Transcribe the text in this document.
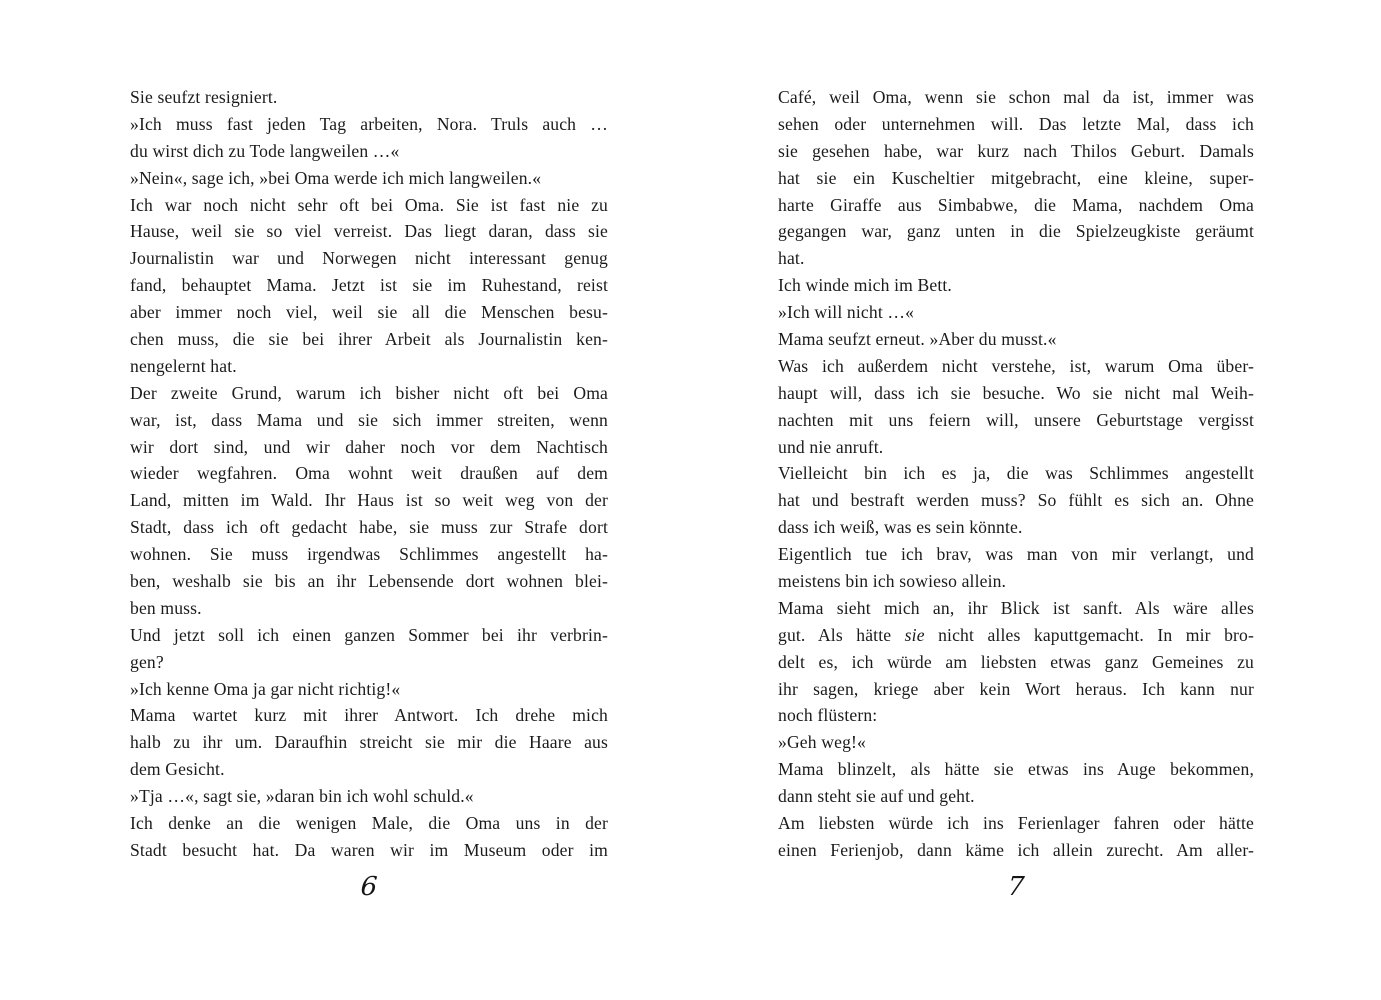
Sie seufzt resigniert.
»Ich muss fast jeden Tag arbeiten, Nora. Truls auch …
du wirst dich zu Tode langweilen …«
»Nein«, sage ich, »bei Oma werde ich mich langweilen.«
Ich war noch nicht sehr oft bei Oma. Sie ist fast nie zu
Hause, weil sie so viel verreist. Das liegt daran, dass sie
Journalistin war und Norwegen nicht interessant genug
fand, behauptet Mama. Jetzt ist sie im Ruhestand, reist
aber immer noch viel, weil sie all die Menschen besu-
chen muss, die sie bei ihrer Arbeit als Journalistin ken-
nengelernt hat.
Der zweite Grund, warum ich bisher nicht oft bei Oma
war, ist, dass Mama und sie sich immer streiten, wenn
wir dort sind, und wir daher noch vor dem Nachtisch
wieder wegfahren. Oma wohnt weit draußen auf dem
Land, mitten im Wald. Ihr Haus ist so weit weg von der
Stadt, dass ich oft gedacht habe, sie muss zur Strafe dort
wohnen. Sie muss irgendwas Schlimmes angestellt ha-
ben, weshalb sie bis an ihr Lebensende dort wohnen blei-
ben muss.
Und jetzt soll ich einen ganzen Sommer bei ihr verbrin-
gen?
»Ich kenne Oma ja gar nicht richtig!«
Mama wartet kurz mit ihrer Antwort. Ich drehe mich
halb zu ihr um. Daraufhin streicht sie mir die Haare aus
dem Gesicht.
»Tja …«, sagt sie, »daran bin ich wohl schuld.«
Ich denke an die wenigen Male, die Oma uns in der
Stadt besucht hat. Da waren wir im Museum oder im
6
Café, weil Oma, wenn sie schon mal da ist, immer was
sehen oder unternehmen will. Das letzte Mal, dass ich
sie gesehen habe, war kurz nach Thilos Geburt. Damals
hat sie ein Kuscheltier mitgebracht, eine kleine, super-
harte Giraffe aus Simbabwe, die Mama, nachdem Oma
gegangen war, ganz unten in die Spielzeugkiste geräumt
hat.
Ich winde mich im Bett.
»Ich will nicht …«
Mama seufzt erneut. »Aber du musst.«
Was ich außerdem nicht verstehe, ist, warum Oma über-
haupt will, dass ich sie besuche. Wo sie nicht mal Weih-
nachten mit uns feiern will, unsere Geburtstage vergisst
und nie anruft.
Vielleicht bin ich es ja, die was Schlimmes angestellt
hat und bestraft werden muss? So fühlt es sich an. Ohne
dass ich weiß, was es sein könnte.
Eigentlich tue ich brav, was man von mir verlangt, und
meistens bin ich sowieso allein.
Mama sieht mich an, ihr Blick ist sanft. Als wäre alles
gut. Als hätte sie nicht alles kaputtgemacht. In mir bro-
delt es, ich würde am liebsten etwas ganz Gemeines zu
ihr sagen, kriege aber kein Wort heraus. Ich kann nur
noch flüstern:
»Geh weg!«
Mama blinzelt, als hätte sie etwas ins Auge bekommen,
dann steht sie auf und geht.
Am liebsten würde ich ins Ferienlager fahren oder hätte
einen Ferienjob, dann käme ich allein zurecht. Am aller-
7
